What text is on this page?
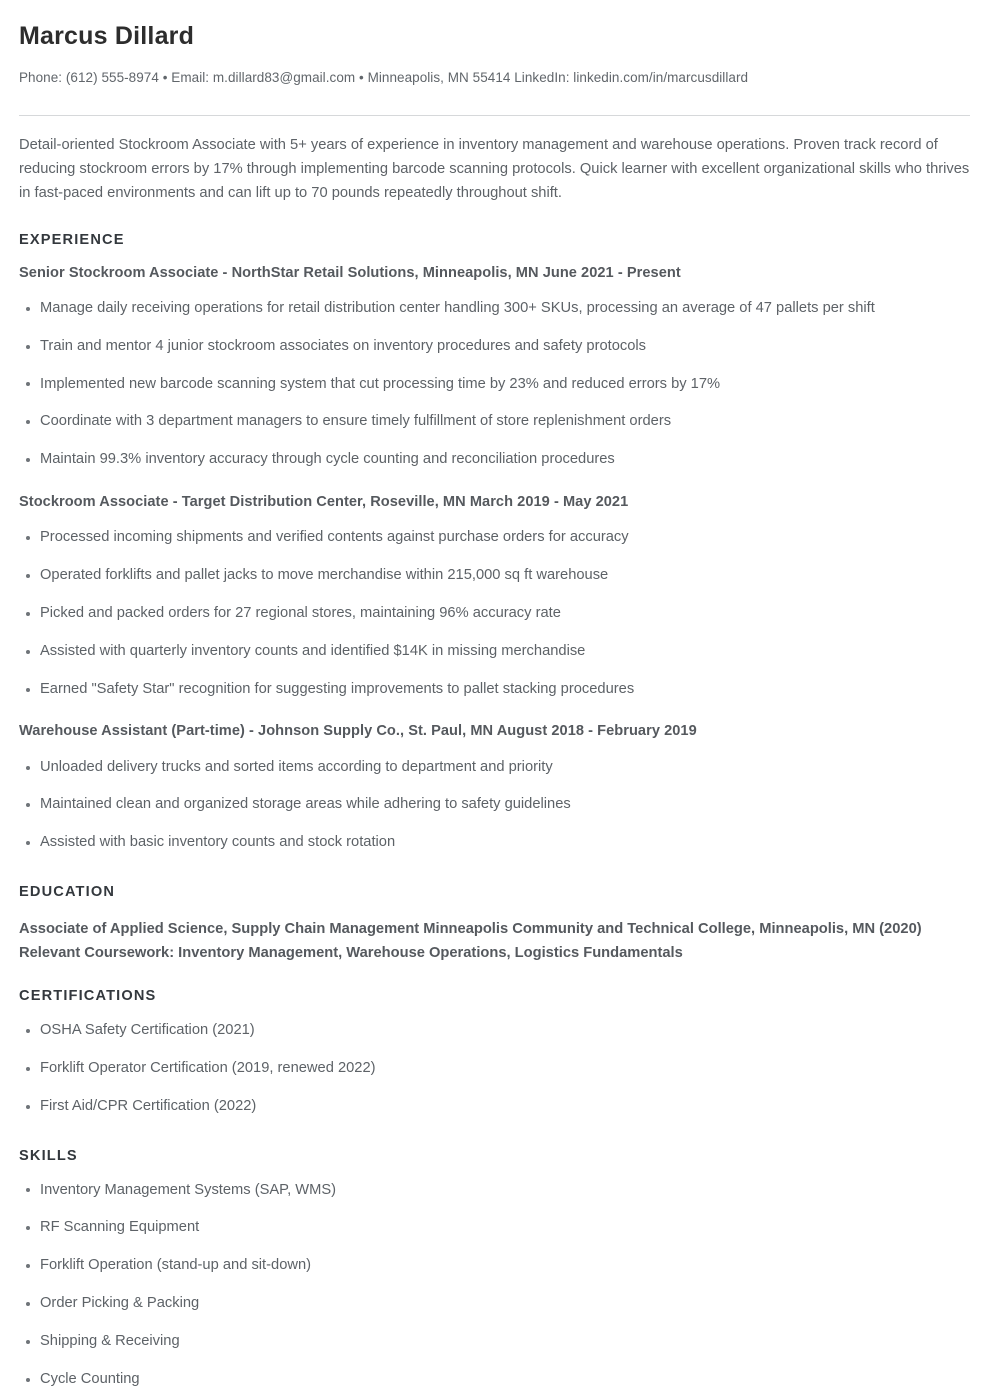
Marcus Dillard

Phone: (612) 555-8974 • Email: m.dillard83@gmail.com • Minneapolis, MN 55414 LinkedIn: linkedin.com/in/marcusdillard

Detail-oriented Stockroom Associate with 5+ years of experience in inventory management and warehouse operations. Proven track record of reducing stockroom errors by 17% through implementing barcode scanning protocols. Quick learner with excellent organizational skills who thrives in fast-paced environments and can lift up to 70 pounds repeatedly throughout shift.

EXPERIENCE

Senior Stockroom Associate - NorthStar Retail Solutions, Minneapolis, MN June 2021 - Present

Manage daily receiving operations for retail distribution center handling 300+ SKUs, processing an average of 47 pallets per shift
Train and mentor 4 junior stockroom associates on inventory procedures and safety protocols
Implemented new barcode scanning system that cut processing time by 23% and reduced errors by 17%
Coordinate with 3 department managers to ensure timely fulfillment of store replenishment orders
Maintain 99.3% inventory accuracy through cycle counting and reconciliation procedures

Stockroom Associate - Target Distribution Center, Roseville, MN March 2019 - May 2021

Processed incoming shipments and verified contents against purchase orders for accuracy
Operated forklifts and pallet jacks to move merchandise within 215,000 sq ft warehouse
Picked and packed orders for 27 regional stores, maintaining 96% accuracy rate
Assisted with quarterly inventory counts and identified $14K in missing merchandise
Earned "Safety Star" recognition for suggesting improvements to pallet stacking procedures

Warehouse Assistant (Part-time) - Johnson Supply Co., St. Paul, MN August 2018 - February 2019

Unloaded delivery trucks and sorted items according to department and priority
Maintained clean and organized storage areas while adhering to safety guidelines
Assisted with basic inventory counts and stock rotation
EDUCATION

Associate of Applied Science, Supply Chain Management Minneapolis Community and Technical College, Minneapolis, MN (2020) Relevant Coursework: Inventory Management, Warehouse Operations, Logistics Fundamentals

CERTIFICATIONS
OSHA Safety Certification (2021)
Forklift Operator Certification (2019, renewed 2022)
First Aid/CPR Certification (2022)
SKILLS
Inventory Management Systems (SAP, WMS)
RF Scanning Equipment
Forklift Operation (stand-up and sit-down)
Order Picking & Packing
Shipping & Receiving
Cycle Counting
